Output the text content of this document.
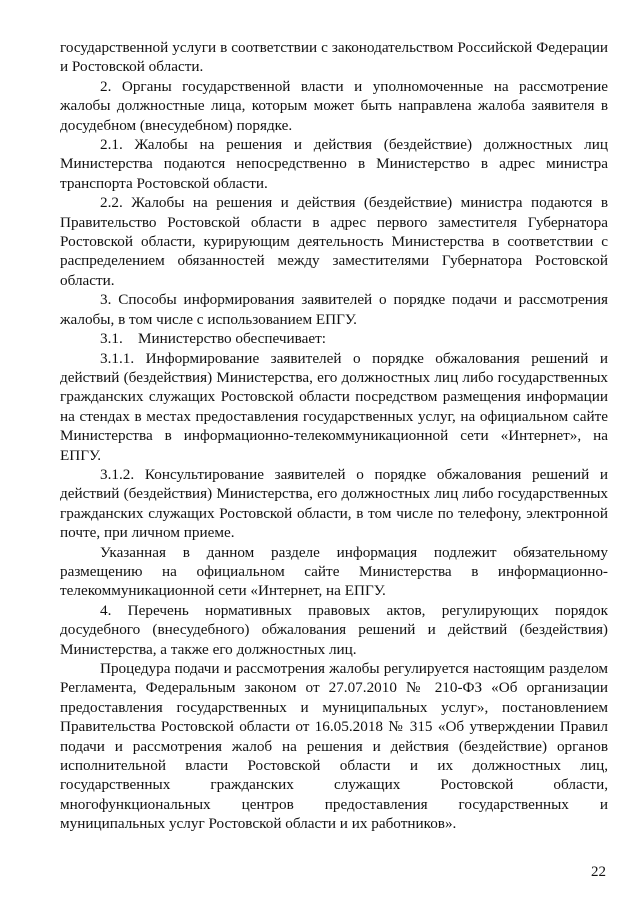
государственной услуги в соответствии с законодательством Российской Федерации и Ростовской области.

2. Органы государственной власти и уполномоченные на рассмотрение жалобы должностные лица, которым может быть направлена жалоба заявителя в досудебном (внесудебном) порядке.

2.1. Жалобы на решения и действия (бездействие) должностных лиц Министерства подаются непосредственно в Министерство в адрес министра транспорта Ростовской области.

2.2. Жалобы на решения и действия (бездействие) министра подаются в Правительство Ростовской области в адрес первого заместителя Губернатора Ростовской области, курирующим деятельность Министерства в соответствии с распределением обязанностей между заместителями Губернатора Ростовской области.

3. Способы информирования заявителей о порядке подачи и рассмотрения жалобы, в том числе с использованием ЕПГУ.

3.1.    Министерство обеспечивает:

3.1.1. Информирование заявителей о порядке обжалования решений и действий (бездействия) Министерства, его должностных лиц либо государственных гражданских служащих Ростовской области посредством размещения информации на стендах в местах предоставления государственных услуг, на официальном сайте Министерства в информационно-телекоммуникационной сети «Интернет», на ЕПГУ.

3.1.2. Консультирование заявителей о порядке обжалования решений и действий (бездействия) Министерства, его должностных лиц либо государственных гражданских служащих Ростовской области, в том числе по телефону, электронной почте, при личном приеме.

Указанная в данном разделе информация подлежит обязательному размещению на официальном сайте Министерства в информационно-телекоммуникационной сети «Интернет, на ЕПГУ.

4. Перечень нормативных правовых актов, регулирующих порядок досудебного (внесудебного) обжалования решений и действий (бездействия) Министерства, а также его должностных лиц.

Процедура подачи и рассмотрения жалобы регулируется настоящим разделом Регламента, Федеральным законом от 27.07.2010 № 210-ФЗ «Об организации предоставления государственных и муниципальных услуг», постановлением Правительства Ростовской области от 16.05.2018 № 315 «Об утверждении Правил подачи и рассмотрения жалоб на решения и действия (бездействие) органов исполнительной власти Ростовской области и их должностных лиц, государственных гражданских служащих Ростовской области, многофункциональных центров предоставления государственных и муниципальных услуг Ростовской области и их работников».

22
